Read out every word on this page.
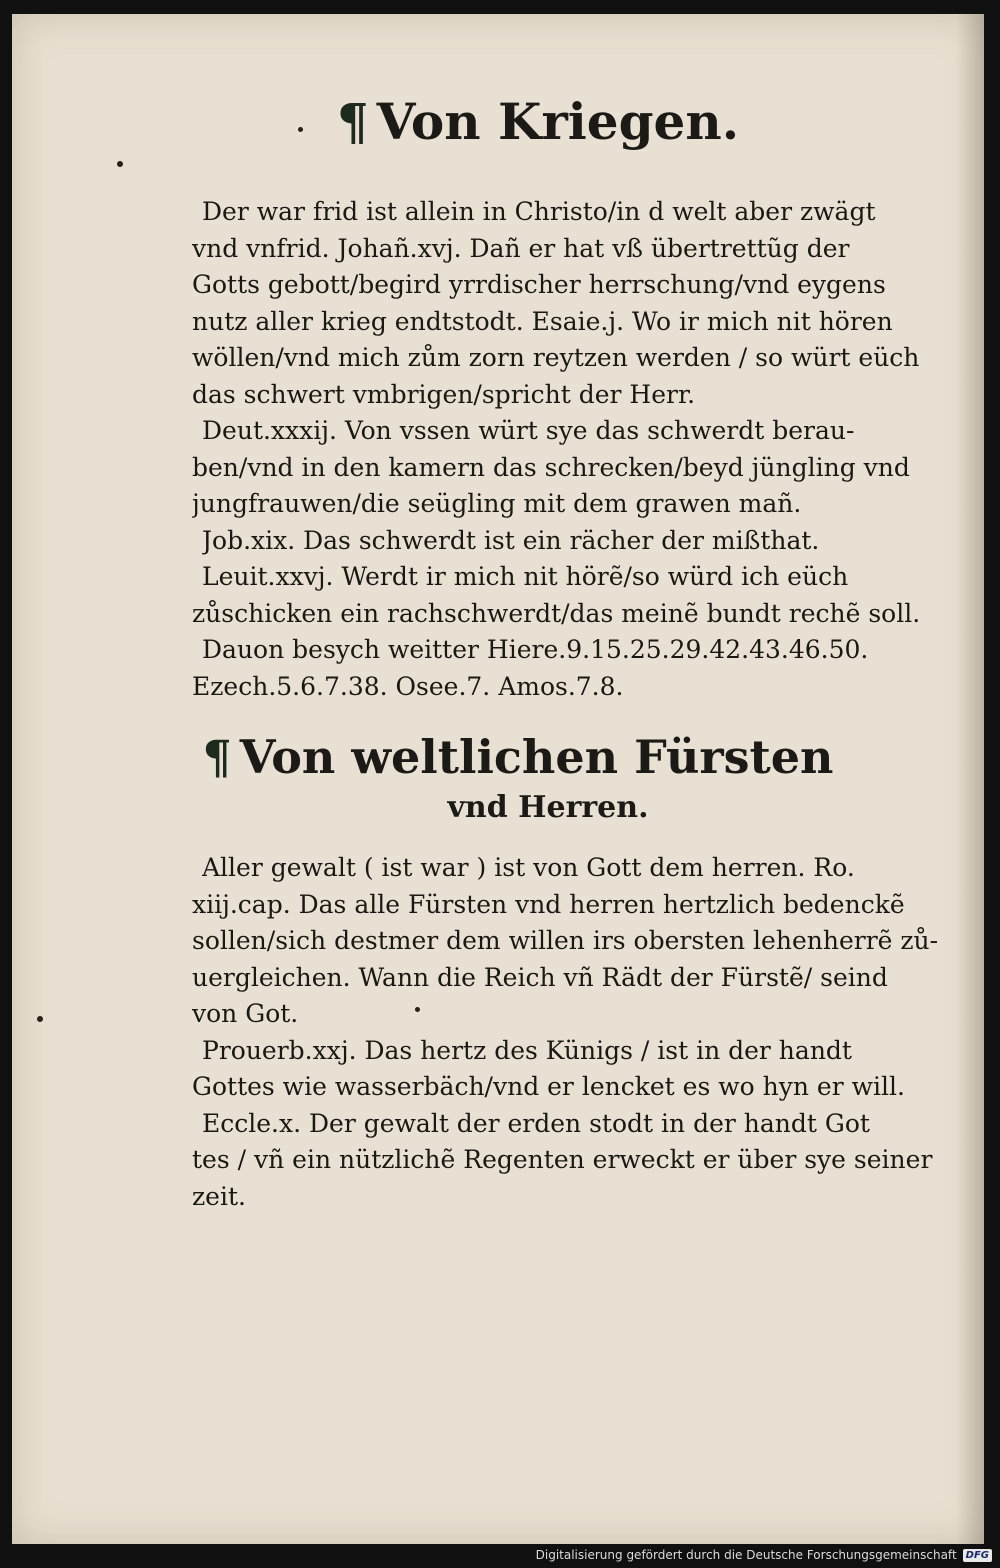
¶ Von Kriegen.
Der war frid ist allein in Christo/in d welt aber zwägt
vnd vnfrid. Johañ.xvj. Dañ er hat vß übertrettũg der
Gotts gebott/begird yrrdischer herrschung/vnd eygens
nutz aller krieg endtstodt. Esaie.j. Wo ir mich nit hören
wöllen/vnd mich zům zorn reytzen werden / so würt eüch
das schwert vmbrigen/spricht der Herr.
Deut.xxxij. Von vssen würt sye das schwerdt berau-
ben/vnd in den kamern das schrecken/beyd jüngling vnd
jungfrauwen/die seügling mit dem grawen mañ.
Job.xix. Das schwerdt ist ein rächer der mißthat.
Leuit.xxvj. Werdt ir mich nit hörẽ/so würd ich eüch
zůschicken ein rachschwerdt/das meinẽ bundt rechẽ soll.
Dauon besych weitter Hiere.9.15.25.29.42.43.46.50.
Ezech.5.6.7.38. Osee.7. Amos.7.8.
¶ Von weltlichen Fürsten
vnd Herren.
Aller gewalt ( ist war ) ist von Gott dem herren. Ro.
xiij.cap. Das alle Fürsten vnd herren hertzlich bedenckẽ
sollen/sich destmer dem willen irs obersten lehenherrẽ zů-
uergleichen. Wann die Reich vñ Rädt der Fürstẽ/ seind
von Got.
Prouerb.xxj. Das hertz des Künigs / ist in der handt
Gottes wie wasserbäch/vnd er lencket es wo hyn er will.
Eccle.x. Der gewalt der erden stodt in der handt Got
tes / vñ ein nützlichẽ Regenten erweckt er über sye seiner
zeit.
Digitalisierung gefördert durch die Deutsche Forschungsgemeinschaft DFG
